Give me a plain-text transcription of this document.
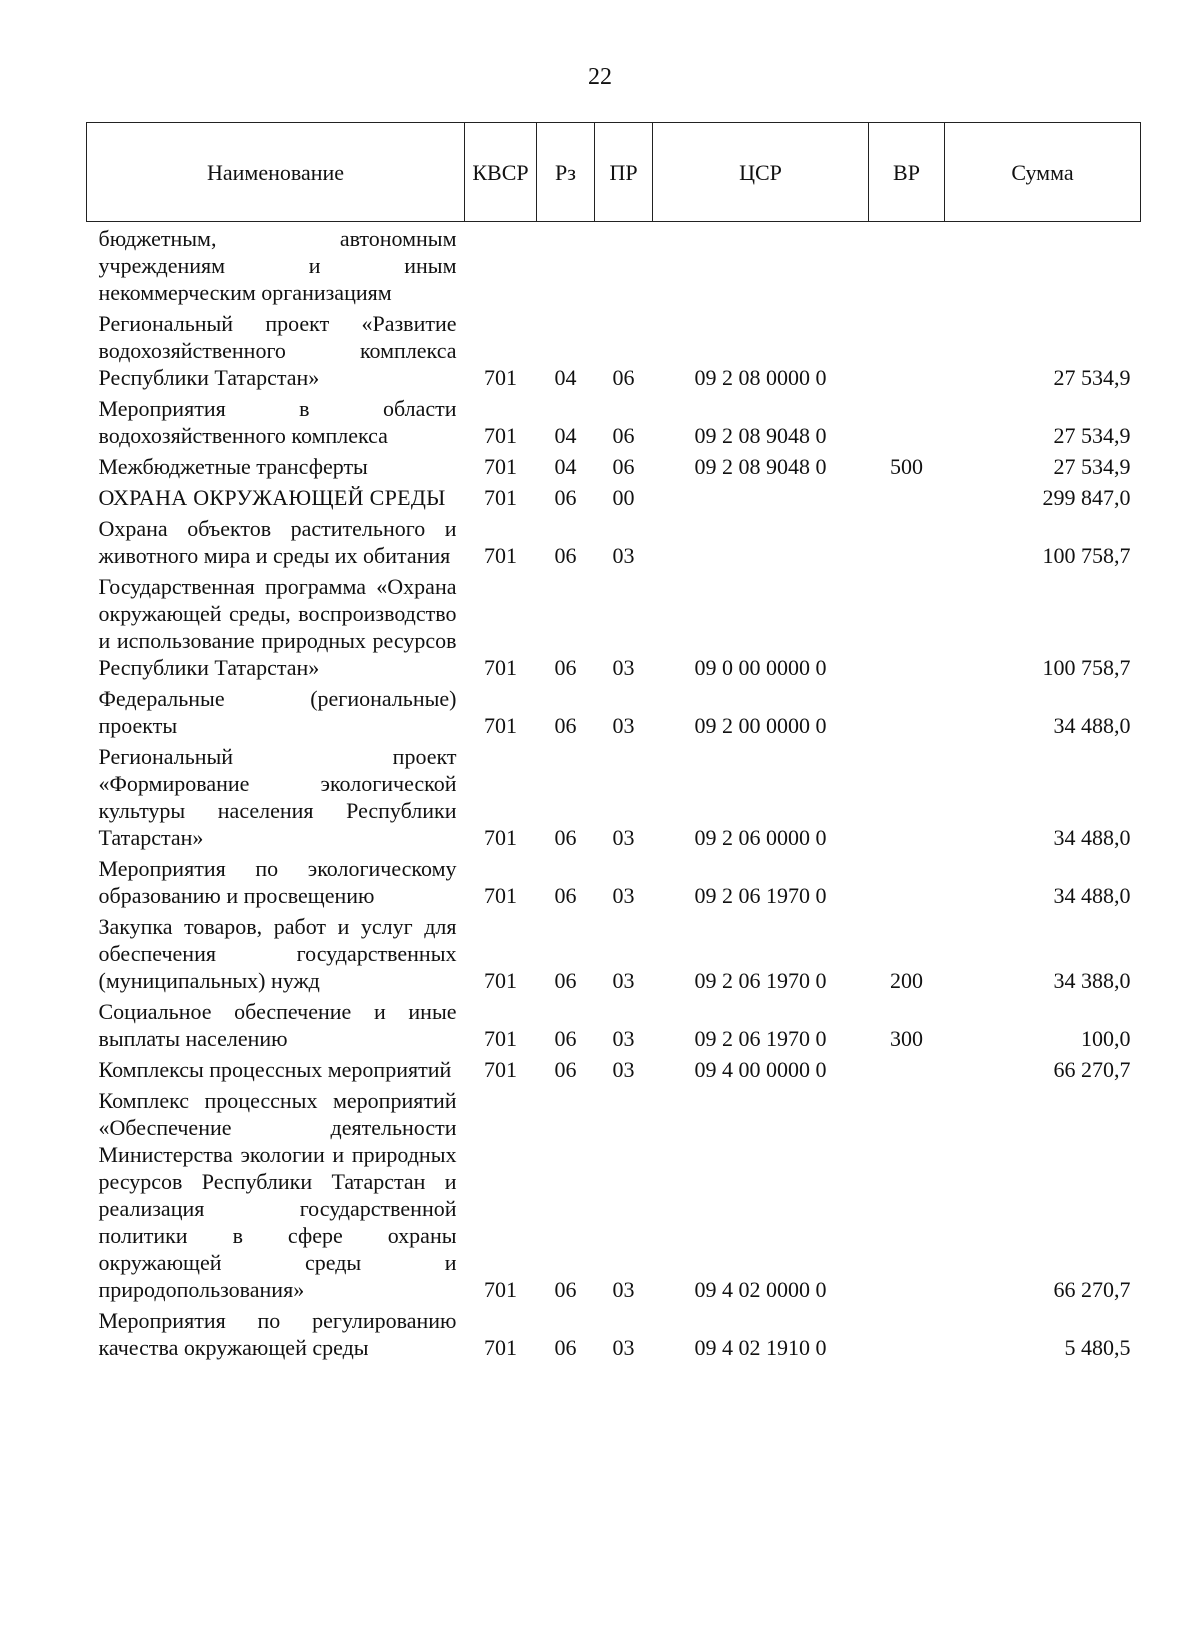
22
Наименование	КВСР	Рз	ПР	ЦСР	ВР	Сумма
бюджетным, автономным учреждениям и иным некоммерческим организациям						
Региональный проект «Развитие водохозяйственного комплекса Республики Татарстан»	701	04	06	09 2 08 0000 0		27 534,9
Мероприятия в области водохозяйственного комплекса	701	04	06	09 2 08 9048 0		27 534,9
Межбюджетные трансферты	701	04	06	09 2 08 9048 0	500	27 534,9
ОХРАНА ОКРУЖАЮЩЕЙ СРЕДЫ	701	06	00			299 847,0
Охрана объектов растительного и животного мира и среды их обитания	701	06	03			100 758,7
Государственная программа «Охрана окружающей среды, воспроизводство и использование природных ресурсов Республики Татарстан»	701	06	03	09 0 00 0000 0		100 758,7
Федеральные (региональные) проекты	701	06	03	09 2 00 0000 0		34 488,0
Региональный проект «Формирование экологической культуры населения Республики Татарстан»	701	06	03	09 2 06 0000 0		34 488,0
Мероприятия по экологическому образованию и просвещению	701	06	03	09 2 06 1970 0		34 488,0
Закупка товаров, работ и услуг для обеспечения государственных (муниципальных) нужд	701	06	03	09 2 06 1970 0	200	34 388,0
Социальное обеспечение и иные выплаты населению	701	06	03	09 2 06 1970 0	300	100,0
Комплексы процессных мероприятий	701	06	03	09 4 00 0000 0		66 270,7
Комплекс процессных мероприятий «Обеспечение деятельности Министерства экологии и природных ресурсов Республики Татарстан и реализация государственной политики в сфере охраны окружающей среды и природопользования»	701	06	03	09 4 02 0000 0		66 270,7
Мероприятия по регулированию качества окружающей среды	701	06	03	09 4 02 1910 0		5 480,5
